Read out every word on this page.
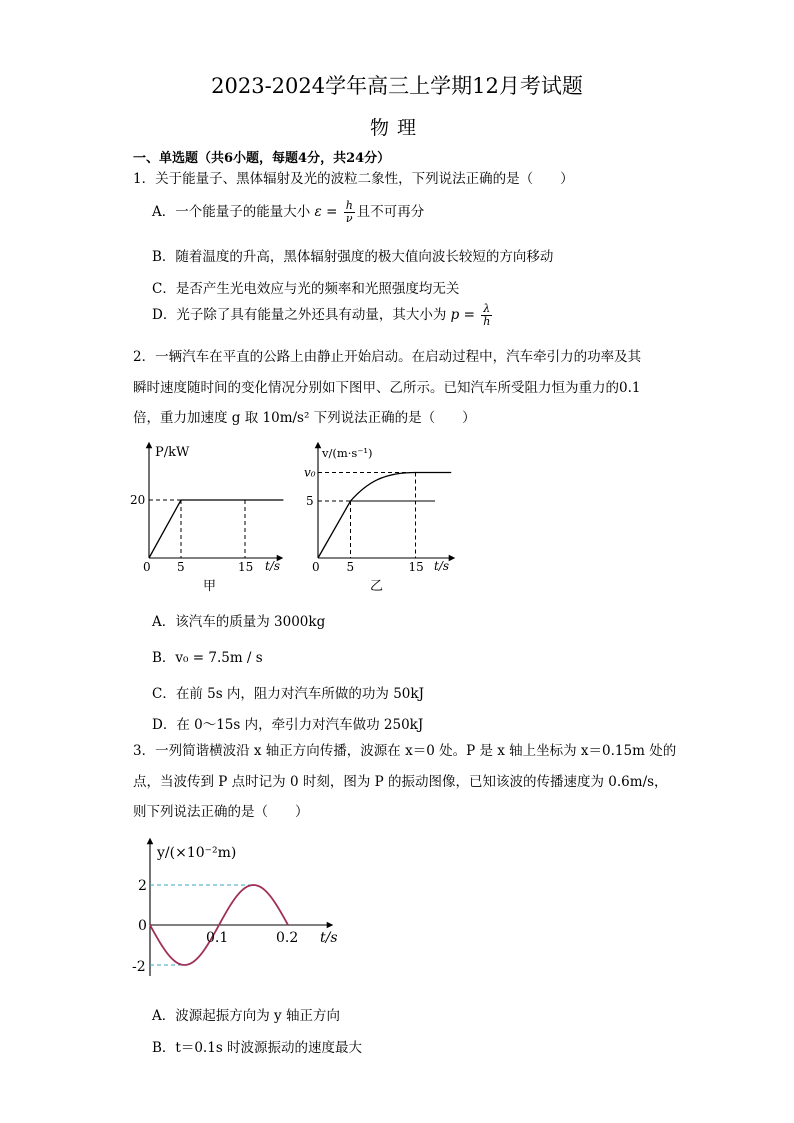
2023-2024学年高三上学期12月考试题
物理
一、单选题（共6小题，每题4分，共24分）
1．关于能量子、黑体辐射及光的波粒二象性，下列说法正确的是（　　）
A．一个能量子的能量大小 $\varepsilon = \frac{h}{\nu}$ 且不可再分
B．随着温度的升高，黑体辐射强度的极大值向波长较短的方向移动
C．是否产生光电效应与光的频率和光照强度均无关
D．光子除了具有能量之外还具有动量，其大小为 $p = \frac{\lambda}{h}$
2．一辆汽车在平直的公路上由静止开始启动。在启动过程中，汽车牵引力的功率及其
瞬时速度随时间的变化情况分别如下图甲、乙所示。已知汽车所受阻力恒为重力的0.1
倍，重力加速度 g 取 10m/s² 下列说法正确的是（　　）
P/kW
t/s
0 5	15
20
甲
v/(m·s⁻¹)
t/s
0 5	15
v₀
5
乙
A．该汽车的质量为 3000kg
B．v₀ = 7.5m / s
C．在前 5s 内，阻力对汽车所做的功为 50kJ
D．在 0～15s 内，牵引力对汽车做功 250kJ
3．一列简谐横波沿 x 轴正方向传播，波源在 x＝0 处。P 是 x 轴上坐标为 x＝0.15m 处的
点，当波传到 P 点时记为 0 时刻，图为 P 的振动图像，已知该波的传播速度为 0.6m/s，
则下列说法正确的是（　　）
y/(×10⁻²m)
t/s
2
0
-2
0.1	0.2
A．波源起振方向为 y 轴正方向
B．t＝0.1s 时波源振动的速度最大
